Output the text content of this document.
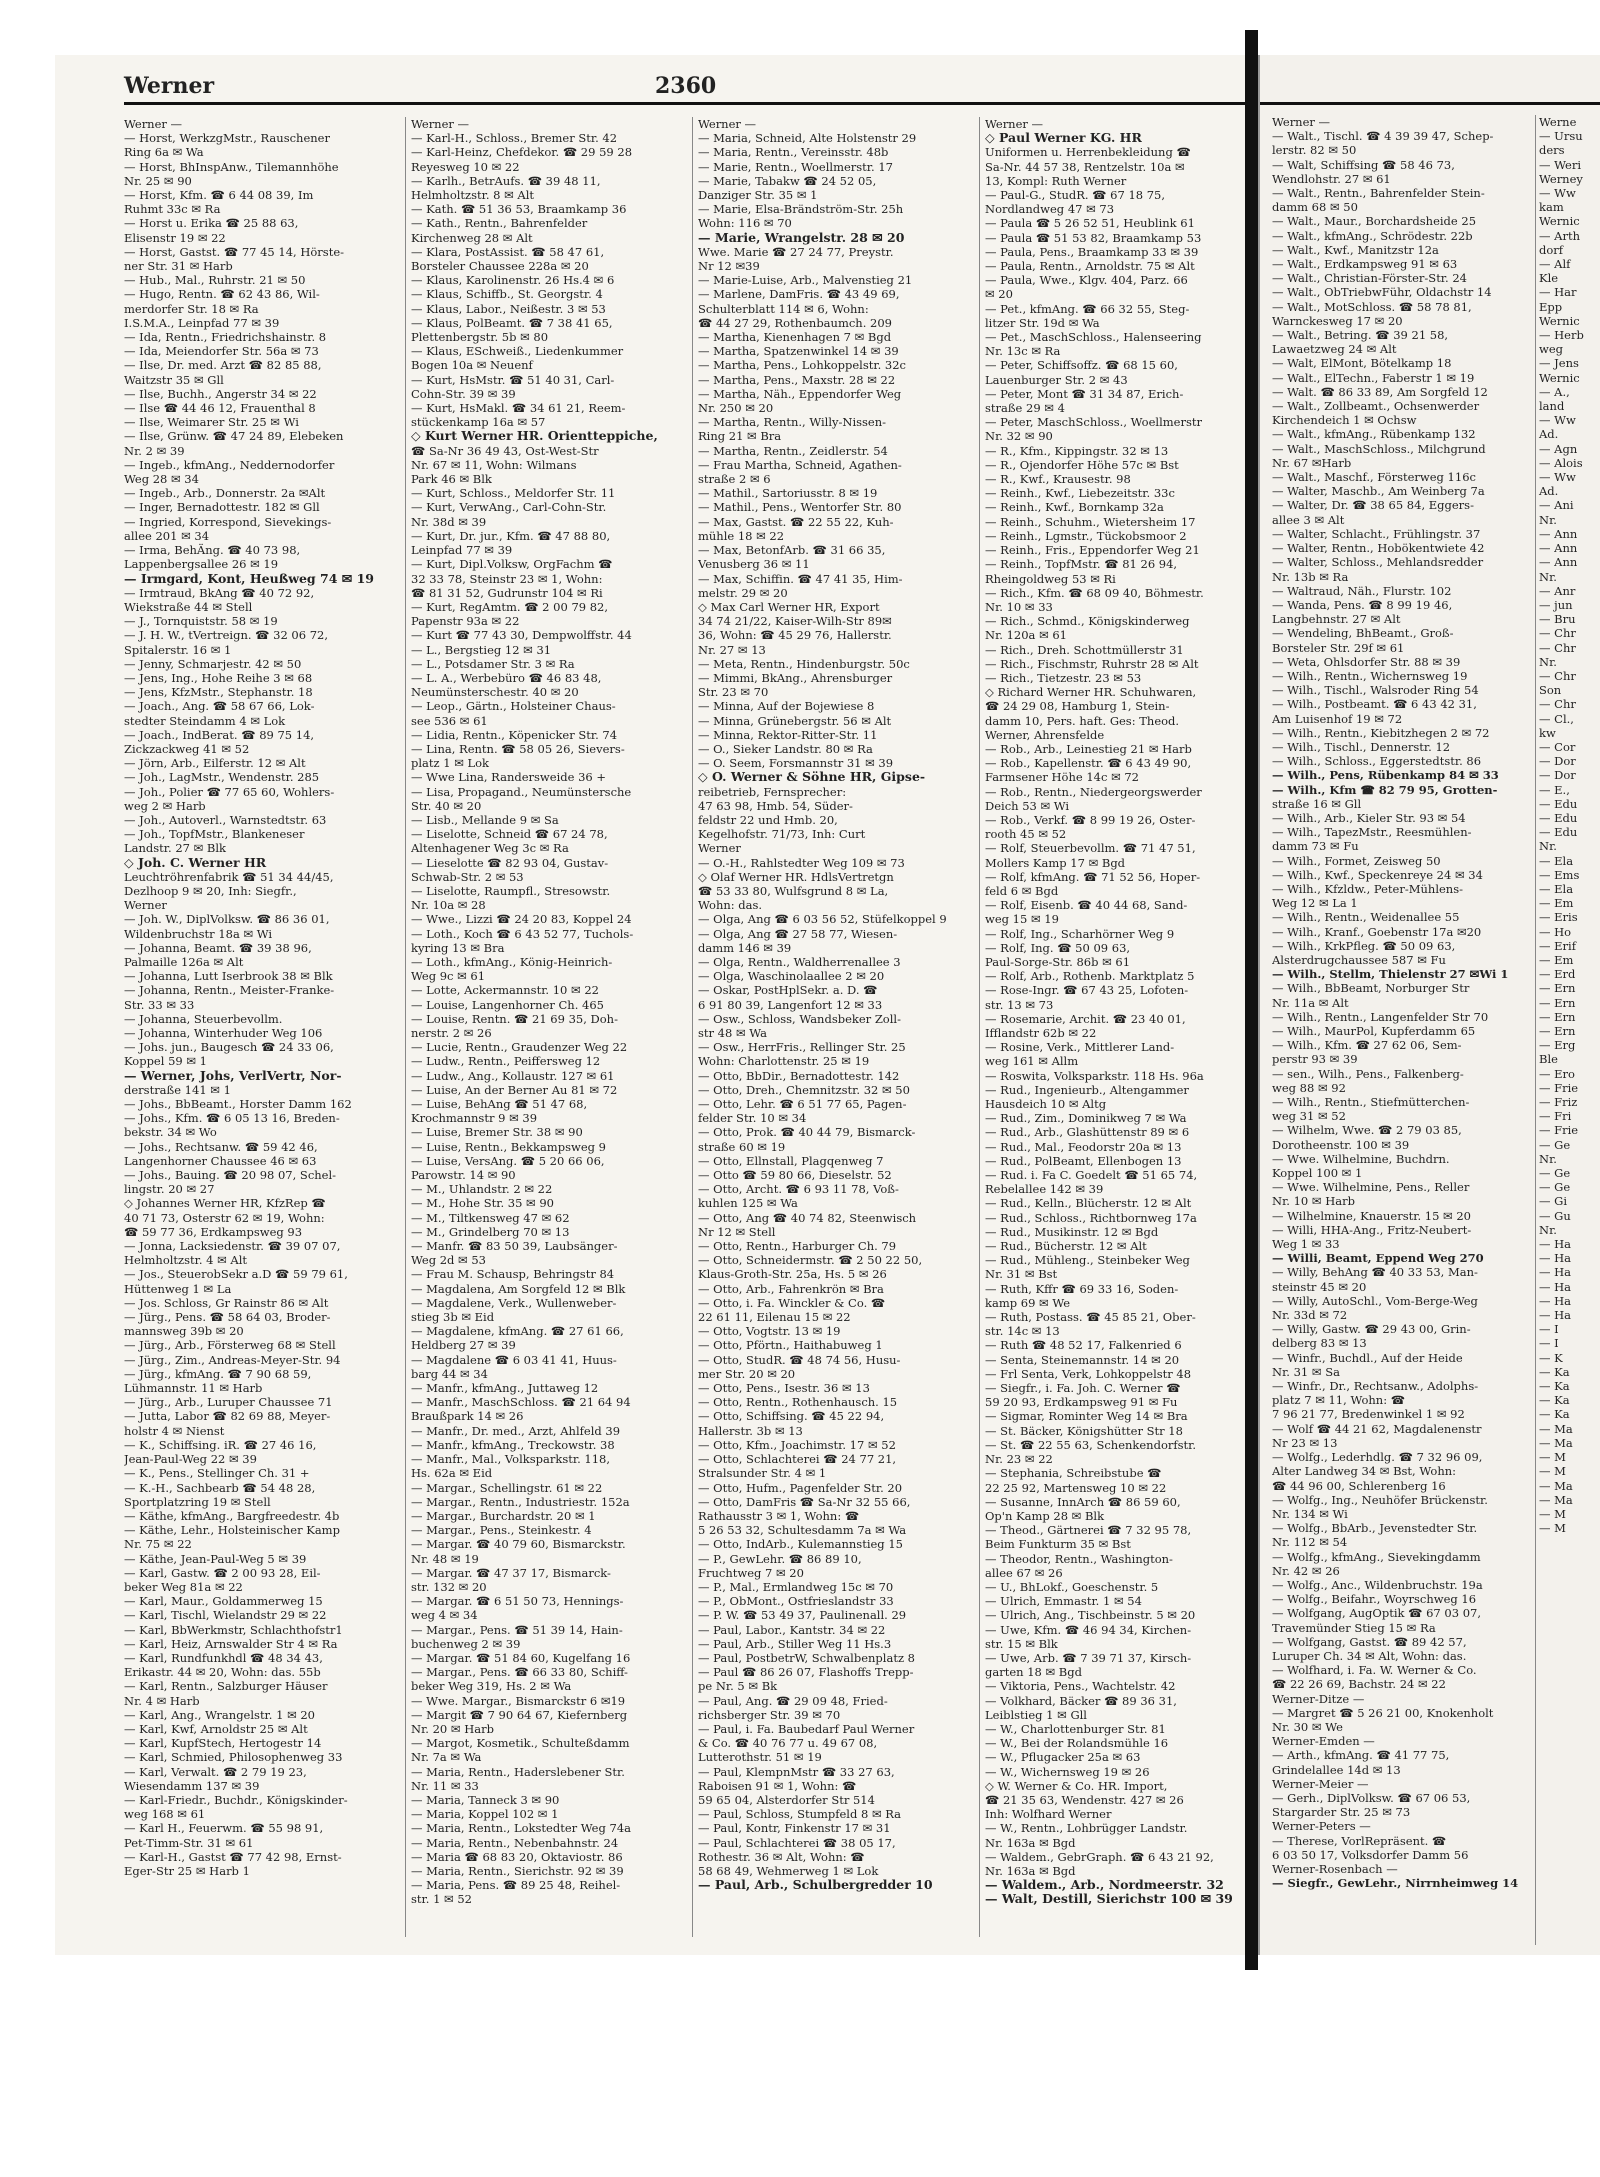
Werner	2360

Werner —

— Horst, WerkzgMstr., Rauschener

Ring 6a ✉ Wa

— Horst, BhInspAnw., Tilemannhöhe

Nr. 25 ✉ 90

— Horst, Kfm. ☎ 6 44 08 39, Im

Ruhmt 33c ✉ Ra

— Horst u. Erika ☎ 25 88 63,

Elisenstr 19 ✉ 22

— Horst, Gastst. ☎ 77 45 14, Hörste-

ner Str. 31 ✉ Harb

— Hub., Mal., Ruhrstr. 21 ✉ 50

— Hugo, Rentn. ☎ 62 43 86, Wil-

merdorfer Str. 18 ✉ Ra

I.S.M.A., Leinpfad 77 ✉ 39

— Ida, Rentn., Friedrichshainstr. 8

— Ida, Meiendorfer Str. 56a ✉ 73

— Ilse, Dr. med. Arzt ☎ 82 85 88,

Waitzstr 35 ✉ Gll

— Ilse, Buchh., Angerstr 34 ✉ 22

— Ilse ☎ 44 46 12, Frauenthal 8

— Ilse, Weimarer Str. 25 ✉ Wi

— Ilse, Grünw. ☎ 47 24 89, Elebeken

Nr. 2 ✉ 39

— Ingeb., kfmAng., Neddernodorfer

Weg 28 ✉ 34

— Ingeb., Arb., Donnerstr. 2a ✉Alt

— Inger, Bernadottestr. 182 ✉ Gll

— Ingried, Korrespond, Sievekings-

allee 201 ✉ 34

— Irma, BehÄng. ☎ 40 73 98,

Lappenbergsallee 26 ✉ 19

— Irmgard, Kont, Heußweg 74 ✉ 19

— Irmtraud, BkAng ☎ 40 72 92,

Wiekstraße 44 ✉ Stell

— J., Tornquiststr. 58 ✉ 19

— J. H. W., tVertreign. ☎ 32 06 72,

Spitalerstr. 16 ✉ 1

— Jenny, Schmarjestr. 42 ✉ 50

— Jens, Ing., Hohe Reihe 3 ✉ 68

— Jens, KfzMstr., Stephanstr. 18

— Joach., Ang. ☎ 58 67 66, Lok-

stedter Steindamm 4 ✉ Lok

— Joach., IndBerat. ☎ 89 75 14,

Zickzackweg 41 ✉ 52

— Jörn, Arb., Eilferstr. 12 ✉ Alt

— Joh., LagMstr., Wendenstr. 285

— Joh., Polier ☎ 77 65 60, Wohlers-

weg 2 ✉ Harb

— Joh., Autoverl., Warnstedtstr. 63

— Joh., TopfMstr., Blankeneser

Landstr. 27 ✉ Blk

◇ Joh. C. Werner HR

Leuchtröhrenfabrik ☎ 51 34 44/45,

Dezlhoop 9 ✉ 20, Inh: Siegfr.,

Werner

— Joh. W., DiplVolksw. ☎ 86 36 01,

Wildenbruchstr 18a ✉ Wi

— Johanna, Beamt. ☎ 39 38 96,

Palmaille 126a ✉ Alt

— Johanna, Lutt Iserbrook 38 ✉ Blk

— Johanna, Rentn., Meister-Franke-

Str. 33 ✉ 33

— Johanna, Steuerbevollm.

— Johanna, Winterhuder Weg 106

— Johs. jun., Baugesch ☎ 24 33 06,

Koppel 59 ✉ 1

— Werner, Johs, VerlVertr, Nor-

derstraße 141 ✉ 1

— Johs., BbBeamt., Horster Damm 162

— Johs., Kfm. ☎ 6 05 13 16, Breden-

bekstr. 34 ✉ Wo

— Johs., Rechtsanw. ☎ 59 42 46,

Langenhorner Chaussee 46 ✉ 63

— Johs., Bauing. ☎ 20 98 07, Schel-

lingstr. 20 ✉ 27

◇ Johannes Werner HR, KfzRep ☎

40 71 73, Osterstr 62 ✉ 19, Wohn:

☎ 59 77 36, Erdkampsweg 93

— Jonna, Lacksiedenstr. ☎ 39 07 07,

Helmholtzstr. 4 ✉ Alt

— Jos., SteuerobSekr a.D ☎ 59 79 61,

Hüttenweg 1 ✉ La

— Jos. Schloss, Gr Rainstr 86 ✉ Alt

— Jürg., Pens. ☎ 58 64 03, Broder-

mannsweg 39b ✉ 20

— Jürg., Arb., Försterweg 68 ✉ Stell

— Jürg., Zim., Andreas-Meyer-Str. 94

— Jürg., kfmAng. ☎ 7 90 68 59,

Lühmannstr. 11 ✉ Harb

— Jürg., Arb., Luruper Chaussee 71

— Jutta, Labor ☎ 82 69 88, Meyer-

holstr 4 ✉ Nienst

— K., Schiffsing. iR. ☎ 27 46 16,

Jean-Paul-Weg 22 ✉ 39

— K., Pens., Stellinger Ch. 31 +

— K.-H., Sachbearb ☎ 54 48 28,

Sportplatzring 19 ✉ Stell

— Käthe, kfmAng., Bargfreedestr. 4b

— Käthe, Lehr., Holsteinischer Kamp

Nr. 75 ✉ 22

— Käthe, Jean-Paul-Weg 5 ✉ 39

— Karl, Gastw. ☎ 2 00 93 28, Eil-

beker Weg 81a ✉ 22

— Karl, Maur., Goldammerweg 15

— Karl, Tischl, Wielandstr 29 ✉ 22

— Karl, BbWerkmstr, Schlachthofstr1

— Karl, Heiz, Arnswalder Str 4 ✉ Ra

— Karl, Rundfunkhdl ☎ 48 34 43,

Erikastr. 44 ✉ 20, Wohn: das. 55b

— Karl, Rentn., Salzburger Häuser

Nr. 4 ✉ Harb

— Karl, Ang., Wrangelstr. 1 ✉ 20

— Karl, Kwf, Arnoldstr 25 ✉ Alt

— Karl, KupfStech, Hertogestr 14

— Karl, Schmied, Philosophenweg 33

— Karl, Verwalt. ☎ 2 79 19 23,

Wiesendamm 137 ✉ 39

— Karl-Friedr., Buchdr., Königskinder-

weg 168 ✉ 61

— Karl H., Feuerwm. ☎ 55 98 91,

Pet-Timm-Str. 31 ✉ 61

— Karl-H., Gastst ☎ 77 42 98, Ernst-

Eger-Str 25 ✉ Harb 1

Werner —

— Karl-H., Schloss., Bremer Str. 42

— Karl-Heinz, Chefdekor. ☎ 29 59 28

Reyesweg 10 ✉ 22

— Karlh., BetrAufs. ☎ 39 48 11,

Helmholtzstr. 8 ✉ Alt

— Kath. ☎ 51 36 53, Braamkamp 36

— Kath., Rentn., Bahrenfelder

Kirchenweg 28 ✉ Alt

— Klara, PostAssist. ☎ 58 47 61,

Borsteler Chaussee 228a ✉ 20

— Klaus, Karolinenstr. 26 Hs.4 ✉ 6

— Klaus, Schiffb., St. Georgstr. 4

— Klaus, Labor., Neißestr. 3 ✉ 53

— Klaus, PolBeamt. ☎ 7 38 41 65,

Plettenbergstr. 5b ✉ 80

— Klaus, ESchweiß., Liedenkummer

Bogen 10a ✉ Neuenf

— Kurt, HsMstr. ☎ 51 40 31, Carl-

Cohn-Str. 39 ✉ 39

— Kurt, HsMakl. ☎ 34 61 21, Reem-

stückenkamp 16a ✉ 57

◇ Kurt Werner HR. Orientteppiche,

☎ Sa-Nr 36 49 43, Ost-West-Str

Nr. 67 ✉ 11, Wohn: Wilmans

Park 46 ✉ Blk

— Kurt, Schloss., Meldorfer Str. 11

— Kurt, VerwAng., Carl-Cohn-Str.

Nr. 38d ✉ 39

— Kurt, Dr. jur., Kfm. ☎ 47 88 80,

Leinpfad 77 ✉ 39

— Kurt, Dipl.Volksw, OrgFachm ☎

32 33 78, Steinstr 23 ✉ 1, Wohn:

☎ 81 31 52, Gudrunstr 104 ✉ Ri

— Kurt, RegAmtm. ☎ 2 00 79 82,

Papenstr 93a ✉ 22

— Kurt ☎ 77 43 30, Dempwolffstr. 44

— L., Bergstieg 12 ✉ 31

— L., Potsdamer Str. 3 ✉ Ra

— L. A., Werbebüro ☎ 46 83 48,

Neumünsterschestr. 40 ✉ 20

— Leop., Gärtn., Holsteiner Chaus-

see 536 ✉ 61

— Lidia, Rentn., Köpenicker Str. 74

— Lina, Rentn. ☎ 58 05 26, Sievers-

platz 1 ✉ Lok

— Wwe Lina, Randersweide 36 +

— Lisa, Propagand., Neumünstersche

Str. 40 ✉ 20

— Lisb., Mellande 9 ✉ Sa

— Liselotte, Schneid ☎ 67 24 78,

Altenhagener Weg 3c ✉ Ra

— Lieselotte ☎ 82 93 04, Gustav-

Schwab-Str. 2 ✉ 53

— Liselotte, Raumpfl., Stresowstr.

Nr. 10a ✉ 28

— Wwe., Lizzi ☎ 24 20 83, Koppel 24

— Loth., Koch ☎ 6 43 52 77, Tuchols-

kyring 13 ✉ Bra

— Loth., kfmAng., König-Heinrich-

Weg 9c ✉ 61

— Lotte, Ackermannstr. 10 ✉ 22

— Louise, Langenhorner Ch. 465

— Louise, Rentn. ☎ 21 69 35, Doh-

nerstr. 2 ✉ 26

— Lucie, Rentn., Graudenzer Weg 22

— Ludw., Rentn., Peiffersweg 12

— Ludw., Ang., Kollaustr. 127 ✉ 61

— Luise, An der Berner Au 81 ✉ 72

— Luise, BehAng ☎ 51 47 68,

Krochmannstr 9 ✉ 39

— Luise, Bremer Str. 38 ✉ 90

— Luise, Rentn., Bekkampsweg 9

— Luise, VersAng. ☎ 5 20 66 06,

Parowstr. 14 ✉ 90

— M., Uhlandstr. 2 ✉ 22

— M., Hohe Str. 35 ✉ 90

— M., Tiltkensweg 47 ✉ 62

— M., Grindelberg 70 ✉ 13

— Manfr. ☎ 83 50 39, Laubsänger-

Weg 2d ✉ 53

— Frau M. Schausp, Behringstr 84

— Magdalena, Am Sorgfeld 12 ✉ Blk

— Magdalene, Verk., Wullenweber-

stieg 3b ✉ Eid

— Magdalene, kfmAng. ☎ 27 61 66,

Heldberg 27 ✉ 39

— Magdalene ☎ 6 03 41 41, Huus-

barg 44 ✉ 34

— Manfr., kfmAng., Juttaweg 12

— Manfr., MaschSchloss. ☎ 21 64 94

Braußpark 14 ✉ 26

— Manfr., Dr. med., Arzt, Ahlfeld 39

— Manfr., kfmAng., Treckowstr. 38

— Manfr., Mal., Volksparkstr. 118,

Hs. 62a ✉ Eid

— Margar., Schellingstr. 61 ✉ 22

— Margar., Rentn., Industriestr. 152a

— Margar., Burchardstr. 20 ✉ 1

— Margar., Pens., Steinkestr. 4

— Margar. ☎ 40 79 60, Bismarckstr.

Nr. 48 ✉ 19

— Margar. ☎ 47 37 17, Bismarck-

str. 132 ✉ 20

— Margar. ☎ 6 51 50 73, Hennings-

weg 4 ✉ 34

— Margar., Pens. ☎ 51 39 14, Hain-

buchenweg 2 ✉ 39

— Margar. ☎ 51 84 60, Kugelfang 16

— Margar., Pens. ☎ 66 33 80, Schiff-

beker Weg 319, Hs. 2 ✉ Wa

— Wwe. Margar., Bismarckstr 6 ✉19

— Margit ☎ 7 90 64 67, Kiefernberg

Nr. 20 ✉ Harb

— Margot, Kosmetik., Schulteßdamm

Nr. 7a ✉ Wa

— Maria, Rentn., Haderslebener Str.

Nr. 11 ✉ 33

— Maria, Tanneck 3 ✉ 90

— Maria, Koppel 102 ✉ 1

— Maria, Rentn., Lokstedter Weg 74a

— Maria, Rentn., Nebenbahnstr. 24

— Maria ☎ 68 83 20, Oktaviostr. 86

— Maria, Rentn., Sierichstr. 92 ✉ 39

— Maria, Pens. ☎ 89 25 48, Reihel-

str. 1 ✉ 52

Werner —

— Maria, Schneid, Alte Holstenstr 29

— Maria, Rentn., Vereinsstr. 48b

— Marie, Rentn., Woellmerstr. 17

— Marie, Tabakw ☎ 24 52 05,

Danziger Str. 35 ✉ 1

— Marie, Elsa-Brändström-Str. 25h

Wohn: 116 ✉ 70

— Marie, Wrangelstr. 28 ✉ 20

Wwe. Marie ☎ 27 24 77, Preystr.

Nr 12 ✉39

— Marie-Luise, Arb., Malvenstieg 21

— Marlene, DamFris. ☎ 43 49 69,

Schulterblatt 114 ✉ 6, Wohn:

☎ 44 27 29, Rothenbaumch. 209

— Martha, Kienenhagen 7 ✉ Bgd

— Martha, Spatzenwinkel 14 ✉ 39

— Martha, Pens., Lohkoppelstr. 32c

— Martha, Pens., Maxstr. 28 ✉ 22

— Martha, Näh., Eppendorfer Weg

Nr. 250 ✉ 20

— Martha, Rentn., Willy-Nissen-

Ring 21 ✉ Bra

— Martha, Rentn., Zeidlerstr. 54

— Frau Martha, Schneid, Agathen-

straße 2 ✉ 6

— Mathil., Sartoriusstr. 8 ✉ 19

— Mathil., Pens., Wentorfer Str. 80

— Max, Gastst. ☎ 22 55 22, Kuh-

mühle 18 ✉ 22

— Max, BetonfArb. ☎ 31 66 35,

Venusberg 36 ✉ 11

— Max, Schiffin. ☎ 47 41 35, Him-

melstr. 29 ✉ 20

◇ Max Carl Werner HR, Export

34 74 21/22, Kaiser-Wilh-Str 89✉

36, Wohn: ☎ 45 29 76, Hallerstr.

Nr. 27 ✉ 13

— Meta, Rentn., Hindenburgstr. 50c

— Mimmi, BkAng., Ahrensburger

Str. 23 ✉ 70

— Minna, Auf der Bojewiese 8

— Minna, Grünebergstr. 56 ✉ Alt

— Minna, Rektor-Ritter-Str. 11

— O., Sieker Landstr. 80 ✉ Ra

— O. Seem, Forsmannstr 31 ✉ 39

◇ O. Werner & Söhne HR, Gipse-

reibetrieb, Fernsprecher:

47 63 98, Hmb. 54, Süder-

feldstr 22 und Hmb. 20,

Kegelhofstr. 71/73, Inh: Curt

Werner

— O.-H., Rahlstedter Weg 109 ✉ 73

◇ Olaf Werner HR. HdlsVertretgn

☎ 53 33 80, Wulfsgrund 8 ✉ La,

Wohn: das.

— Olga, Ang ☎ 6 03 56 52, Stüfelkoppel 9

— Olga, Ang ☎ 27 58 77, Wiesen-

damm 146 ✉ 39

— Olga, Rentn., Waldherrenallee 3

— Olga, Waschinolaallee 2 ✉ 20

— Oskar, PostHplSekr. a. D. ☎

6 91 80 39, Langenfort 12 ✉ 33

— Osw., Schloss, Wandsbeker Zoll-

str 48 ✉ Wa

— Osw., HerrFris., Rellinger Str. 25

Wohn: Charlottenstr. 25 ✉ 19

— Otto, BbDir., Bernadottestr. 142

— Otto, Dreh., Chemnitzstr. 32 ✉ 50

— Otto, Lehr. ☎ 6 51 77 65, Pagen-

felder Str. 10 ✉ 34

— Otto, Prok. ☎ 40 44 79, Bismarck-

straße 60 ✉ 19

— Otto, Ellnstall, Plagqenweg 7

— Otto ☎ 59 80 66, Dieselstr. 52

— Otto, Archt. ☎ 6 93 11 78, Voß-

kuhlen 125 ✉ Wa

— Otto, Ang ☎ 40 74 82, Steenwisch

Nr 12 ✉ Stell

— Otto, Rentn., Harburger Ch. 79

— Otto, Schneidermstr. ☎ 2 50 22 50,

Klaus-Groth-Str. 25a, Hs. 5 ✉ 26

— Otto, Arb., Fahrenkrön ✉ Bra

— Otto, i. Fa. Winckler & Co. ☎

22 61 11, Eilenau 15 ✉ 22

— Otto, Vogtstr. 13 ✉ 19

— Otto, Pförtn., Haithabuweg 1

— Otto, StudR. ☎ 48 74 56, Husu-

mer Str. 20 ✉ 20

— Otto, Pens., Isestr. 36 ✉ 13

— Otto, Rentn., Rothenhausch. 15

— Otto, Schiffsing. ☎ 45 22 94,

Hallerstr. 3b ✉ 13

— Otto, Kfm., Joachimstr. 17 ✉ 52

— Otto, Schlachterei ☎ 24 77 21,

Stralsunder Str. 4 ✉ 1

— Otto, Hufm., Pagenfelder Str. 20

— Otto, DamFris ☎ Sa-Nr 32 55 66,

Rathausstr 3 ✉ 1, Wohn: ☎

5 26 53 32, Schultesdamm 7a ✉ Wa

— Otto, IndArb., Kulemannstieg 15

— P., GewLehr. ☎ 86 89 10,

Fruchtweg 7 ✉ 20

— P., Mal., Ermlandweg 15c ✉ 70

— P., ObMont., Ostfrieslandstr 33

— P. W. ☎ 53 49 37, Paulinenall. 29

— Paul, Labor., Kantstr. 34 ✉ 22

— Paul, Arb., Stiller Weg 11 Hs.3

— Paul, PostbetrW, Schwalbenplatz 8

— Paul ☎ 86 26 07, Flashoffs Trepp-

pe Nr. 5 ✉ Bk

— Paul, Ang. ☎ 29 09 48, Fried-

richsberger Str. 39 ✉ 70

— Paul, i. Fa. Baubedarf Paul Werner

& Co. ☎ 40 76 77 u. 49 67 08,

Lutterothstr. 51 ✉ 19

— Paul, KlempnMstr ☎ 33 27 63,

Raboisen 91 ✉ 1, Wohn: ☎

59 65 04, Alsterdorfer Str 514

— Paul, Schloss, Stumpfeld 8 ✉ Ra

— Paul, Kontr, Finkenstr 17 ✉ 31

— Paul, Schlachterei ☎ 38 05 17,

Rothestr. 36 ✉ Alt, Wohn: ☎

58 68 49, Wehmerweg 1 ✉ Lok

— Paul, Arb., Schulbergredder 10

Werner —

◇ Paul Werner KG. HR

Uniformen u. Herrenbekleidung ☎

Sa-Nr. 44 57 38, Rentzelstr. 10a ✉

13, Kompl: Ruth Werner

— Paul-G., StudR. ☎ 67 18 75,

Nordlandweg 47 ✉ 73

— Paula ☎ 5 26 52 51, Heublink 61

— Paula ☎ 51 53 82, Braamkamp 53

— Paula, Pens., Braamkamp 33 ✉ 39

— Paula, Rentn., Arnoldstr. 75 ✉ Alt

— Paula, Wwe., Klgv. 404, Parz. 66

✉ 20

— Pet., kfmAng. ☎ 66 32 55, Steg-

litzer Str. 19d ✉ Wa

— Pet., MaschSchloss., Halenseering

Nr. 13c ✉ Ra

— Peter, Schiffsoffz. ☎ 68 15 60,

Lauenburger Str. 2 ✉ 43

— Peter, Mont ☎ 31 34 87, Erich-

straße 29 ✉ 4

— Peter, MaschSchloss., Woellmerstr

Nr. 32 ✉ 90

— R., Kfm., Kippingstr. 32 ✉ 13

— R., Ojendorfer Höhe 57c ✉ Bst

— R., Kwf., Krausestr. 98

— Reinh., Kwf., Liebezeitstr. 33c

— Reinh., Kwf., Bornkamp 32a

— Reinh., Schuhm., Wietersheim 17

— Reinh., Lgmstr., Tückobsmoor 2

— Reinh., Fris., Eppendorfer Weg 21

— Reinh., TopfMstr. ☎ 81 26 94,

Rheingoldweg 53 ✉ Ri

— Rich., Kfm. ☎ 68 09 40, Böhmestr.

Nr. 10 ✉ 33

— Rich., Schmd., Königskinderweg

Nr. 120a ✉ 61

— Rich., Dreh. Schottmüllerstr 31

— Rich., Fischmstr, Ruhrstr 28 ✉ Alt

— Rich., Tietzestr. 23 ✉ 53

◇ Richard Werner HR. Schuhwaren,

☎ 24 29 08, Hamburg 1, Stein-

damm 10, Pers. haft. Ges: Theod.

Werner, Ahrensfelde

— Rob., Arb., Leinestieg 21 ✉ Harb

— Rob., Kapellenstr. ☎ 6 43 49 90,

Farmsener Höhe 14c ✉ 72

— Rob., Rentn., Niedergeorgswerder

Deich 53 ✉ Wi

— Rob., Verkf. ☎ 8 99 19 26, Oster-

rooth 45 ✉ 52

— Rolf, Steuerbevollm. ☎ 71 47 51,

Mollers Kamp 17 ✉ Bgd

— Rolf, kfmAng. ☎ 71 52 56, Hoper-

feld 6 ✉ Bgd

— Rolf, Eisenb. ☎ 40 44 68, Sand-

weg 15 ✉ 19

— Rolf, Ing., Scharhörner Weg 9

— Rolf, Ing. ☎ 50 09 63,

Paul-Sorge-Str. 86b ✉ 61

— Rolf, Arb., Rothenb. Marktplatz 5

— Rose-Ingr. ☎ 67 43 25, Lofoten-

str. 13 ✉ 73

— Rosemarie, Archit. ☎ 23 40 01,

Ifflandstr 62b ✉ 22

— Rosine, Verk., Mittlerer Land-

weg 161 ✉ Allm

— Roswita, Volksparkstr. 118 Hs. 96a

— Rud., Ingenieurb., Altengammer

Hausdeich 10 ✉ Altg

— Rud., Zim., Dominikweg 7 ✉ Wa

— Rud., Arb., Glashüttenstr 89 ✉ 6

— Rud., Mal., Feodorstr 20a ✉ 13

— Rud., PolBeamt, Ellenbogen 13

— Rud. i. Fa C. Goedelt ☎ 51 65 74,

Rebelallee 142 ✉ 39

— Rud., Kelln., Blücherstr. 12 ✉ Alt

— Rud., Schloss., Richtbornweg 17a

— Rud., Musikinstr. 12 ✉ Bgd

— Rud., Bücherstr. 12 ✉ Alt

— Rud., Mühleng., Steinbeker Weg

Nr. 31 ✉ Bst

— Ruth, Kffr ☎ 69 33 16, Soden-

kamp 69 ✉ We

— Ruth, Postass. ☎ 45 85 21, Ober-

str. 14c ✉ 13

— Ruth ☎ 48 52 17, Falkenried 6

— Senta, Steinemannstr. 14 ✉ 20

— Frl Senta, Verk, Lohkoppelstr 48

— Siegfr., i. Fa. Joh. C. Werner ☎

59 20 93, Erdkampsweg 91 ✉ Fu

— Sigmar, Rominter Weg 14 ✉ Bra

— St. Bäcker, Königshütter Str 18

— St. ☎ 22 55 63, Schenkendorfstr.

Nr. 23 ✉ 22

— Stephania, Schreibstube ☎

22 25 92, Martensweg 10 ✉ 22

— Susanne, InnArch ☎ 86 59 60,

Op'n Kamp 28 ✉ Blk

— Theod., Gärtnerei ☎ 7 32 95 78,

Beim Funkturm 35 ✉ Bst

— Theodor, Rentn., Washington-

allee 67 ✉ 26

— U., BhLokf., Goeschenstr. 5

— Ulrich, Emmastr. 1 ✉ 54

— Ulrich, Ang., Tischbeinstr. 5 ✉ 20

— Uwe, Kfm. ☎ 46 94 34, Kirchen-

str. 15 ✉ Blk

— Uwe, Arb. ☎ 7 39 71 37, Kirsch-

garten 18 ✉ Bgd

— Viktoria, Pens., Wachtelstr. 42

— Volkhard, Bäcker ☎ 89 36 31,

Leiblstieg 1 ✉ Gll

— W., Charlottenburger Str. 81

— W., Bei der Rolandsmühle 16

— W., Pflugacker 25a ✉ 63

— W., Wichernsweg 19 ✉ 26

◇ W. Werner & Co. HR. Import,

☎ 21 35 63, Wendenstr. 427 ✉ 26

Inh: Wolfhard Werner

— W., Rentn., Lohbrügger Landstr.

Nr. 163a ✉ Bgd

— Waldem., GebrGraph. ☎ 6 43 21 92,

Nr. 163a ✉ Bgd

— Waldem., Arb., Nordmeerstr. 32

— Walt, Destill, Sierichstr 100 ✉ 39

Werner —

— Walt., Tischl. ☎ 4 39 39 47, Schep-

lerstr. 82 ✉ 50

— Walt, Schiffsing ☎ 58 46 73,

Wendlohstr. 27 ✉ 61

— Walt., Rentn., Bahrenfelder Stein-

damm 68 ✉ 50

— Walt., Maur., Borchardsheide 25

— Walt., kfmAng., Schrödestr. 22b

— Walt., Kwf., Manitzstr 12a

— Walt., Erdkampsweg 91 ✉ 63

— Walt., Christian-Förster-Str. 24

— Walt., ObTriebwFühr, Oldachstr 14

— Walt., MotSchloss. ☎ 58 78 81,

Warnckesweg 17 ✉ 20

— Walt., Betring. ☎ 39 21 58,

Lawaetzweg 24 ✉ Alt

— Walt, ElMont, Bötelkamp 18

— Walt., ElTechn., Faberstr 1 ✉ 19

— Walt. ☎ 86 33 89, Am Sorgfeld 12

— Walt., Zollbeamt., Ochsenwerder

Kirchendeich 1 ✉ Ochsw

— Walt., kfmAng., Rübenkamp 132

— Walt., MaschSchloss., Milchgrund

Nr. 67 ✉Harb

— Walt., Maschf., Försterweg 116c

— Walter, Maschb., Am Weinberg 7a

— Walter, Dr. ☎ 38 65 84, Eggers-

allee 3 ✉ Alt

— Walter, Schlacht., Frühlingstr. 37

— Walter, Rentn., Hobökentwiete 42

— Walter, Schloss., Mehlandsredder

Nr. 13b ✉ Ra

— Waltraud, Näh., Flurstr. 102

— Wanda, Pens. ☎ 8 99 19 46,

Langbehnstr. 27 ✉ Alt

— Wendeling, BhBeamt., Groß-

Borsteler Str. 29f ✉ 61

— Weta, Ohlsdorfer Str. 88 ✉ 39

— Wilh., Rentn., Wichernsweg 19

— Wilh., Tischl., Walsroder Ring 54

— Wilh., Postbeamt. ☎ 6 43 42 31,

Am Luisenhof 19 ✉ 72

— Wilh., Rentn., Kiebitzhegen 2 ✉ 72

— Wilh., Tischl., Dennerstr. 12

— Wilh., Schloss., Eggerstedtstr. 86

— Wilh., Pens, Rübenkamp 84 ✉ 33

— Wilh., Kfm ☎ 82 79 95, Grotten-

straße 16 ✉ Gll

— Wilh., Arb., Kieler Str. 93 ✉ 54

— Wilh., TapezMstr., Reesmühlen-

damm 73 ✉ Fu

— Wilh., Formet, Zeisweg 50

— Wilh., Kwf., Speckenreye 24 ✉ 34

— Wilh., Kfzldw., Peter-Mühlens-

Weg 12 ✉ La 1

— Wilh., Rentn., Weidenallee 55

— Wilh., Kranf., Goebenstr 17a ✉20

— Wilh., KrkPfleg. ☎ 50 09 63,

Alsterdrugchaussee 587 ✉ Fu

— Wilh., Stellm, Thielenstr 27 ✉Wi 1

— Wilh., BbBeamt, Norburger Str

Nr. 11a ✉ Alt

— Wilh., Rentn., Langenfelder Str 70

— Wilh., MaurPol, Kupferdamm 65

— Wilh., Kfm. ☎ 27 62 06, Sem-

perstr 93 ✉ 39

— sen., Wilh., Pens., Falkenberg-

weg 88 ✉ 92

— Wilh., Rentn., Stiefmütterchen-

weg 31 ✉ 52

— Wilhelm, Wwe. ☎ 2 79 03 85,

Dorotheenstr. 100 ✉ 39

— Wwe. Wilhelmine, Buchdrn.

Koppel 100 ✉ 1

— Wwe. Wilhelmine, Pens., Reller

Nr. 10 ✉ Harb

— Wilhelmine, Knauerstr. 15 ✉ 20

— Willi, HHA-Ang., Fritz-Neubert-

Weg 1 ✉ 33

— Willi, Beamt, Eppend Weg 270

— Willy, BehAng ☎ 40 33 53, Man-

steinstr 45 ✉ 20

— Willy, AutoSchl., Vom-Berge-Weg

Nr. 33d ✉ 72

— Willy, Gastw. ☎ 29 43 00, Grin-

delberg 83 ✉ 13

— Winfr., Buchdl., Auf der Heide

Nr. 31 ✉ Sa

— Winfr., Dr., Rechtsanw., Adolphs-

platz 7 ✉ 11, Wohn: ☎

7 96 21 77, Bredenwinkel 1 ✉ 92

— Wolf ☎ 44 21 62, Magdalenenstr

Nr 23 ✉ 13

— Wolfg., Lederhdlg. ☎ 7 32 96 09,

Alter Landweg 34 ✉ Bst, Wohn:

☎ 44 96 00, Schlerenberg 16

— Wolfg., Ing., Neuhöfer Brückenstr.

Nr. 134 ✉ Wi

— Wolfg., BbArb., Jevenstedter Str.

Nr. 112 ✉ 54

— Wolfg., kfmAng., Sievekingdamm

Nr. 42 ✉ 26

— Wolfg., Anc., Wildenbruchstr. 19a

— Wolfg., Beifahr., Woyrschweg 16

— Wolfgang, AugOptik ☎ 67 03 07,

Travemünder Stieg 15 ✉ Ra

— Wolfgang, Gastst. ☎ 89 42 57,

Luruper Ch. 34 ✉ Alt, Wohn: das.

— Wolfhard, i. Fa. W. Werner & Co.

☎ 22 26 69, Bachstr. 24 ✉ 22

Werner-Ditze —

— Margret ☎ 5 26 21 00, Knokenholt

Nr. 30 ✉ We

Werner-Emden —

— Arth., kfmAng. ☎ 41 77 75,

Grindelallee 14d ✉ 13

Werner-Meier —

— Gerh., DiplVolksw. ☎ 67 06 53,

Stargarder Str. 25 ✉ 73

Werner-Peters —

— Therese, VorlRepräsent. ☎

6 03 50 17, Volksdorfer Damm 56

Werner-Rosenbach —

— Siegfr., GewLehr., Nirrnheimweg 14

Werne

— Ursu

ders

— Weri

Werney

— Ww

kam

Wernic

— Arth

dorf

— Alf

Kle

— Har

Epp

Wernic

— Herb

weg

— Jens

Wernic

— A.,

land

— Ww

Ad.

— Agn

— Alois

— Ww

Ad.

— Ani

Nr.

— Ann

— Ann

— Ann

Nr.

— Anr

— jun

— Bru

— Chr

— Chr

Nr.

— Chr

Son

— Chr

— Cl.,

kw

— Cor

— Dor

— Dor

— E.,

— Edu

— Edu

— Edu

Nr.

— Ela

— Ems

— Ela

— Em

— Eris

— Ho

— Erif

— Em

— Erd

— Ern

— Ern

— Ern

— Ern

— Erg

Ble

— Ero

— Frie

— Friz

— Fri

— Frie

— Ge

Nr.

— Ge

— Ge

— Gi

— Gu

Nr.

— Ha

— Ha

— Ha

— Ha

— Ha

— Ha

— I

— I

— K

— Ka

— Ka

— Ka

— Ka

— Ma

— Ma

— M

— M

— Ma

— Ma

— M

— M
